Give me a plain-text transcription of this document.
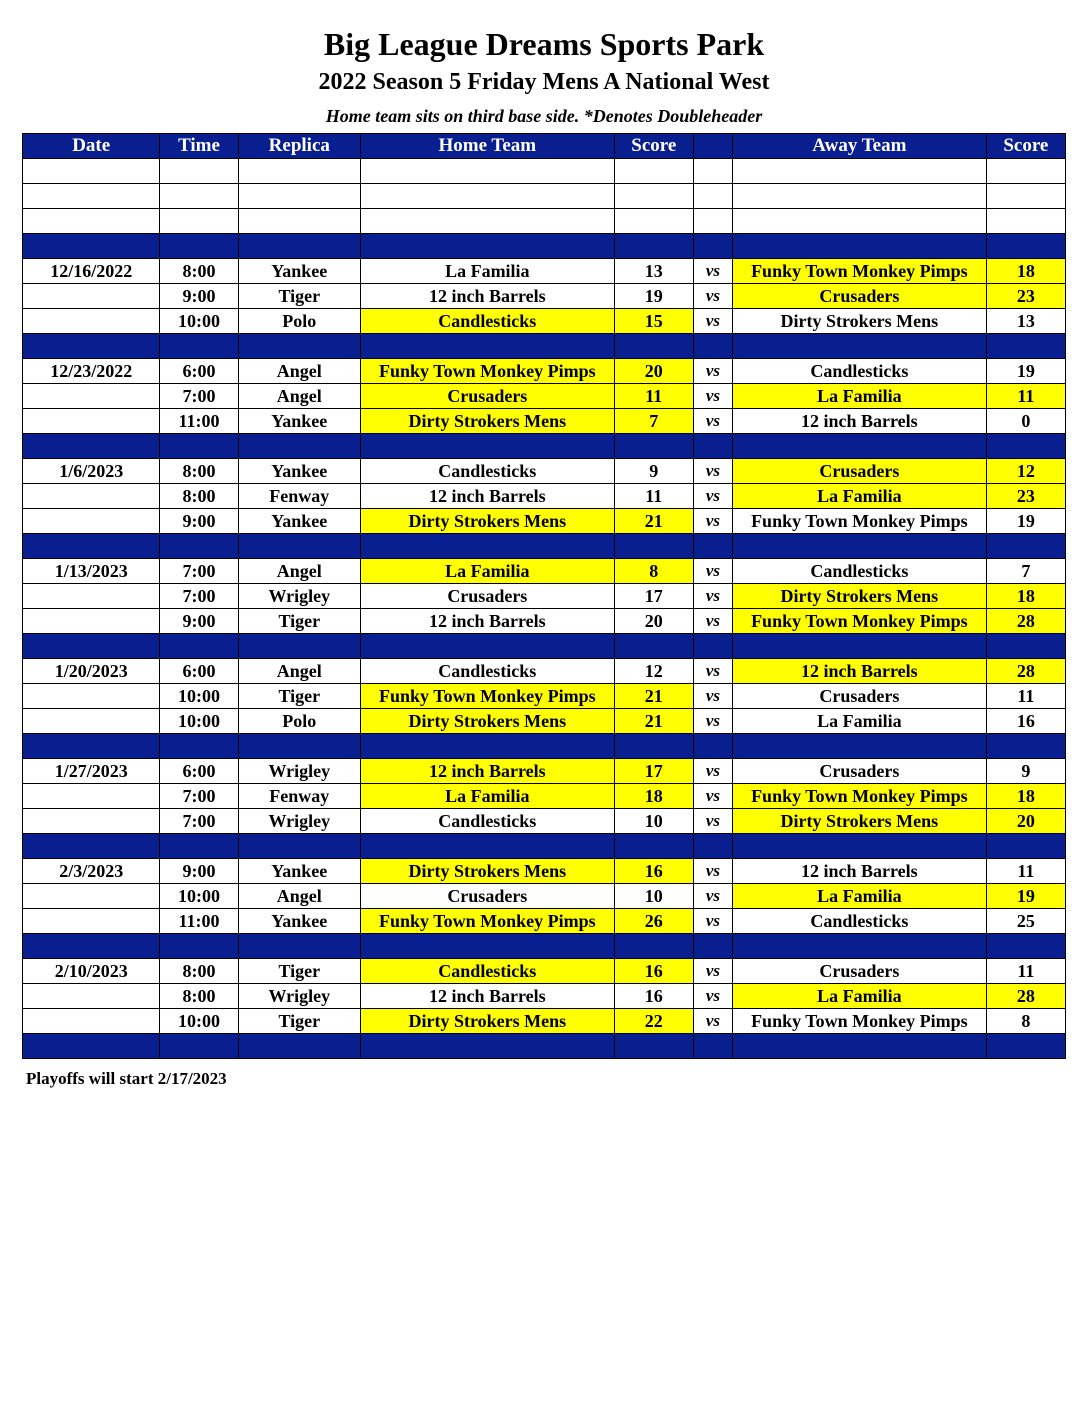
Big League Dreams Sports Park
2022 Season 5 Friday Mens A National West
Home team sits on third base side. *Denotes Doubleheader
Date	Time	Replica	Home Team	Score		Away Team	Score

12/16/2022	8:00	Yankee	La Familia	13	vs	Funky Town Monkey Pimps	18
	9:00	Tiger	12 inch Barrels	19	vs	Crusaders	23
	10:00	Polo	Candlesticks	15	vs	Dirty Strokers Mens	13

12/23/2022	6:00	Angel	Funky Town Monkey Pimps	20	vs	Candlesticks	19
	7:00	Angel	Crusaders	11	vs	La Familia	11
	11:00	Yankee	Dirty Strokers Mens	7	vs	12 inch Barrels	0

1/6/2023	8:00	Yankee	Candlesticks	9	vs	Crusaders	12
	8:00	Fenway	12 inch Barrels	11	vs	La Familia	23
	9:00	Yankee	Dirty Strokers Mens	21	vs	Funky Town Monkey Pimps	19

1/13/2023	7:00	Angel	La Familia	8	vs	Candlesticks	7
	7:00	Wrigley	Crusaders	17	vs	Dirty Strokers Mens	18
	9:00	Tiger	12 inch Barrels	20	vs	Funky Town Monkey Pimps	28

1/20/2023	6:00	Angel	Candlesticks	12	vs	12 inch Barrels	28
	10:00	Tiger	Funky Town Monkey Pimps	21	vs	Crusaders	11
	10:00	Polo	Dirty Strokers Mens	21	vs	La Familia	16

1/27/2023	6:00	Wrigley	12 inch Barrels	17	vs	Crusaders	9
	7:00	Fenway	La Familia	18	vs	Funky Town Monkey Pimps	18
	7:00	Wrigley	Candlesticks	10	vs	Dirty Strokers Mens	20

2/3/2023	9:00	Yankee	Dirty Strokers Mens	16	vs	12 inch Barrels	11
	10:00	Angel	Crusaders	10	vs	La Familia	19
	11:00	Yankee	Funky Town Monkey Pimps	26	vs	Candlesticks	25

2/10/2023	8:00	Tiger	Candlesticks	16	vs	Crusaders	11
	8:00	Wrigley	12 inch Barrels	16	vs	La Familia	28
	10:00	Tiger	Dirty Strokers Mens	22	vs	Funky Town Monkey Pimps	8

Playoffs will start 2/17/2023
